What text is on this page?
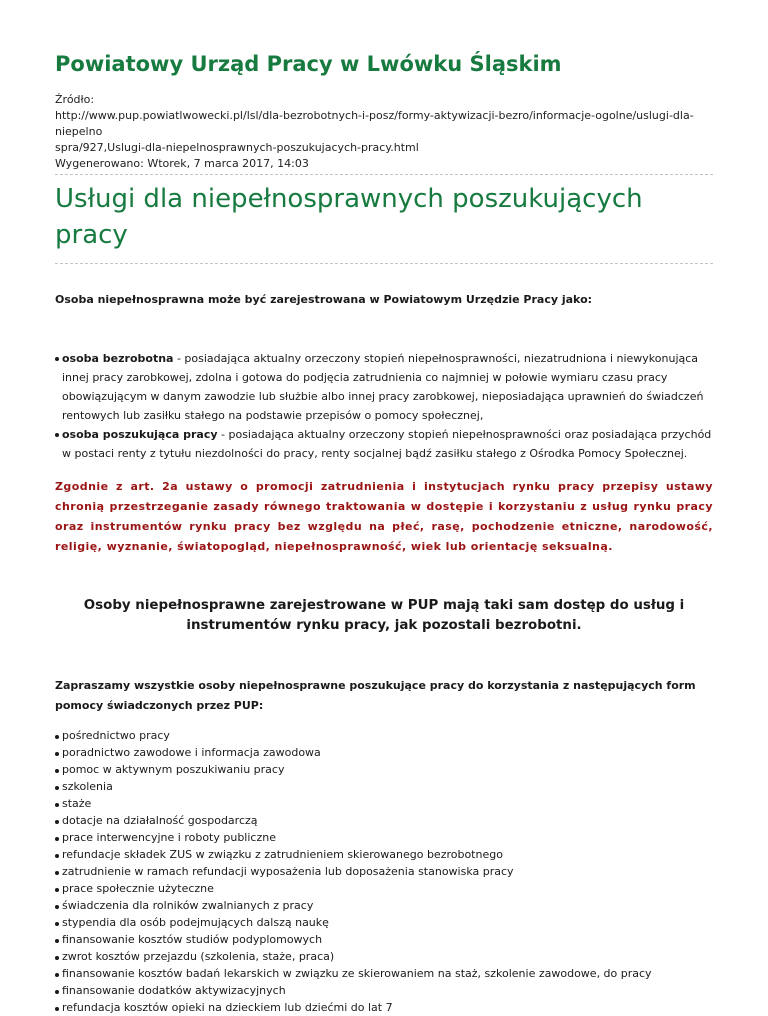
Powiatowy Urząd Pracy w Lwówku Śląskim
Źródło:
http://www.pup.powiatlwowecki.pl/lsl/dla-bezrobotnych-i-posz/formy-aktywizacji-bezro/informacje-ogolne/uslugi-dla-niepelno
spra/927,Uslugi-dla-niepelnosprawnych-poszukujacych-pracy.html
Wygenerowano: Wtorek, 7 marca 2017, 14:03
Usługi dla niepełnosprawnych poszukujących pracy

Osoba niepełnosprawna może być zarejestrowana w Powiatowym Urzędzie Pracy jako:

osoba bezrobotna - posiadająca aktualny orzeczony stopień niepełnosprawności, niezatrudniona i niewykonująca innej pracy zarobkowej, zdolna i gotowa do podjęcia zatrudnienia co najmniej w połowie wymiaru czasu pracy obowiązującym w danym zawodzie lub służbie albo innej pracy zarobkowej, nieposiadająca uprawnień do świadczeń rentowych lub zasiłku stałego na podstawie przepisów o pomocy społecznej,
osoba poszukująca pracy - posiadająca aktualny orzeczony stopień niepełnosprawności oraz posiadająca przychód w postaci renty z tytułu niezdolności do pracy, renty socjalnej bądź zasiłku stałego z Ośrodka Pomocy Społecznej.

Zgodnie z art. 2a ustawy o promocji zatrudnienia i instytucjach rynku pracy przepisy ustawy chronią przestrzeganie zasady równego traktowania w dostępie i korzystaniu z usług rynku pracy oraz instrumentów rynku pracy bez względu na płeć, rasę, pochodzenie etniczne, narodowość, religię, wyznanie, światopogląd, niepełnosprawność, wiek lub orientację seksualną.

Osoby niepełnosprawne zarejestrowane w PUP mają taki sam dostęp do usług i instrumentów rynku pracy, jak pozostali bezrobotni.

Zapraszamy wszystkie osoby niepełnosprawne poszukujące pracy do korzystania z następujących form pomocy świadczonych przez PUP:

pośrednictwo pracy
poradnictwo zawodowe i informacja zawodowa
pomoc w aktywnym poszukiwaniu pracy
szkolenia
staże
dotacje na działalność gospodarczą
prace interwencyjne i roboty publiczne
refundacje składek ZUS w związku z zatrudnieniem skierowanego bezrobotnego
zatrudnienie w ramach refundacji wyposażenia lub doposażenia stanowiska pracy
prace społecznie użyteczne
świadczenia dla rolników zwalnianych z pracy
stypendia dla osób podejmujących dalszą naukę
finansowanie kosztów studiów podyplomowych
zwrot kosztów przejazdu (szkolenia, staże, praca)
finansowanie kosztów badań lekarskich w związku ze skierowaniem na staż, szkolenie zawodowe, do pracy
finansowanie dodatków aktywizacyjnych
refundacja kosztów opieki na dzieckiem lub dziećmi do lat 7
